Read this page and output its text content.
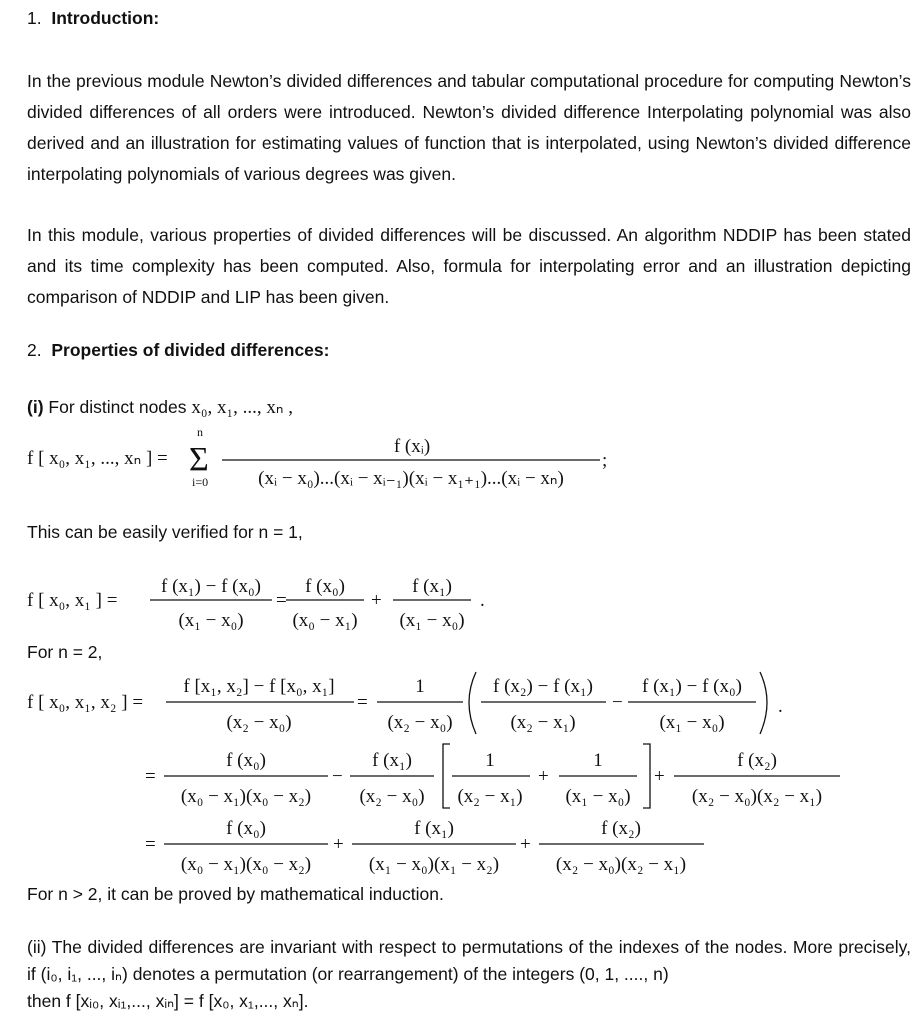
1. Introduction:
In the previous module Newton’s divided differences and tabular computational procedure for computing Newton’s divided differences of all orders were introduced. Newton’s divided difference Interpolating polynomial was also derived and an illustration for estimating values of function that is interpolated, using Newton’s divided difference interpolating polynomials of various degrees was given.
In this module, various properties of divided differences will be discussed. An algorithm NDDIP has been stated and its time complexity has been computed. Also, formula for interpolating error and an illustration depicting comparison of NDDIP and LIP has been given.
2. Properties of divided differences:
(i) For distinct nodes x₀, x₁, ..., xₙ ,
f [ x₀, x₁, ..., xₙ ] =
n
Σ
i=0
f (xᵢ)
(xᵢ − x₀)...(xᵢ − xᵢ₋₁)(xᵢ − x₁₊₁)...(xᵢ − xₙ)
;
This can be easily verified for n = 1,
f [ x₀, x₁ ] =
f (x₁) − f (x₀)
(x₁ − x₀)
=
f (x₀)
(x₀ − x₁)
+
f (x₁)
(x₁ − x₀)
.
For n = 2,
f [ x₀, x₁, x₂ ] =
f [x₁, x₂] − f [x₀, x₁]
(x₂ − x₀)
=
1
(x₂ − x₀)
f (x₂) − f (x₁)
(x₂ − x₁)
−
f (x₁) − f (x₀)
(x₁ − x₀)
.
=
f (x₀)
(x₀ − x₁)(x₀ − x₂)
−
f (x₁)
(x₂ − x₀)
1
(x₂ − x₁)
+
1
(x₁ − x₀)
+
f (x₂)
(x₂ − x₀)(x₂ − x₁)
=
f (x₀)
(x₀ − x₁)(x₀ − x₂)
+
f (x₁)
(x₁ − x₀)(x₁ − x₂)
+
f (x₂)
(x₂ − x₀)(x₂ − x₁)
For n > 2, it can be proved by mathematical induction.
(ii) The divided differences are invariant with respect to permutations of the indexes of the nodes. More precisely, if (i₀, i₁, ..., iₙ) denotes a permutation (or rearrangement) of the integers (0, 1, ...., n)
then f [xᵢ₀, xᵢ₁,..., xᵢₙ] = f [x₀, x₁,..., xₙ].
